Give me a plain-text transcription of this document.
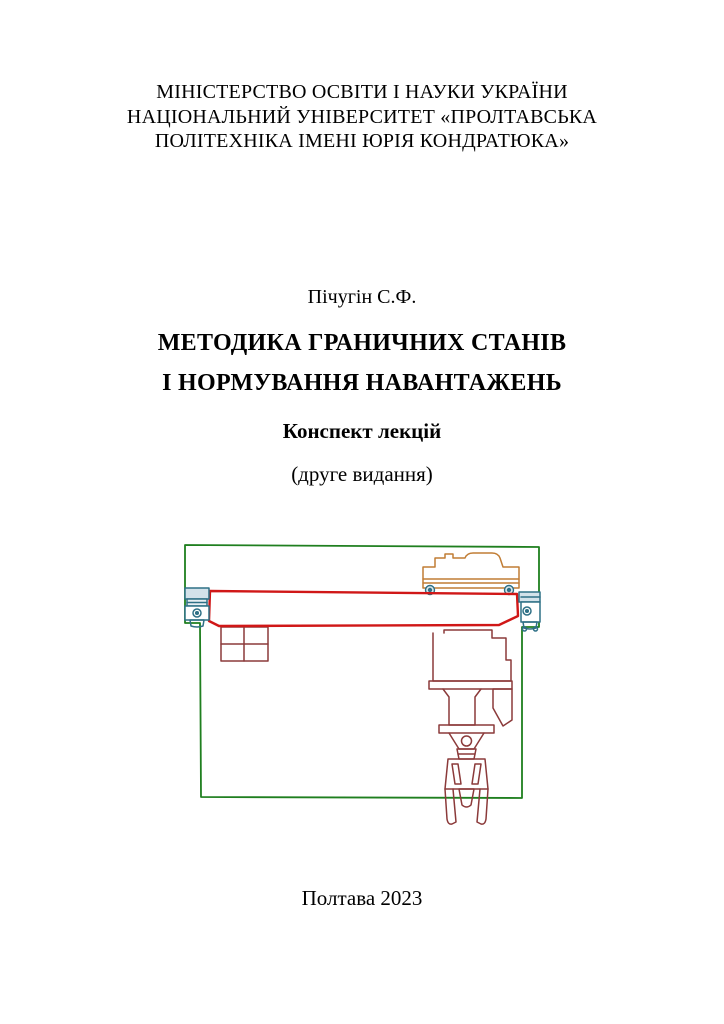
МІНІСТЕРСТВО ОСВІТИ І НАУКИ УКРАЇНИ
НАЦІОНАЛЬНИЙ УНІВЕРСИТЕТ «ПРОЛТАВСЬКА
ПОЛІТЕХНІКА ІМЕНІ ЮРІЯ КОНДРАТЮКА»
Пічугін С.Ф.
МЕТОДИКА ГРАНИЧНИХ СТАНІВ
І НОРМУВАННЯ НАВАНТАЖЕНЬ
Конспект лекцій
(друге видання)
Полтава 2023
